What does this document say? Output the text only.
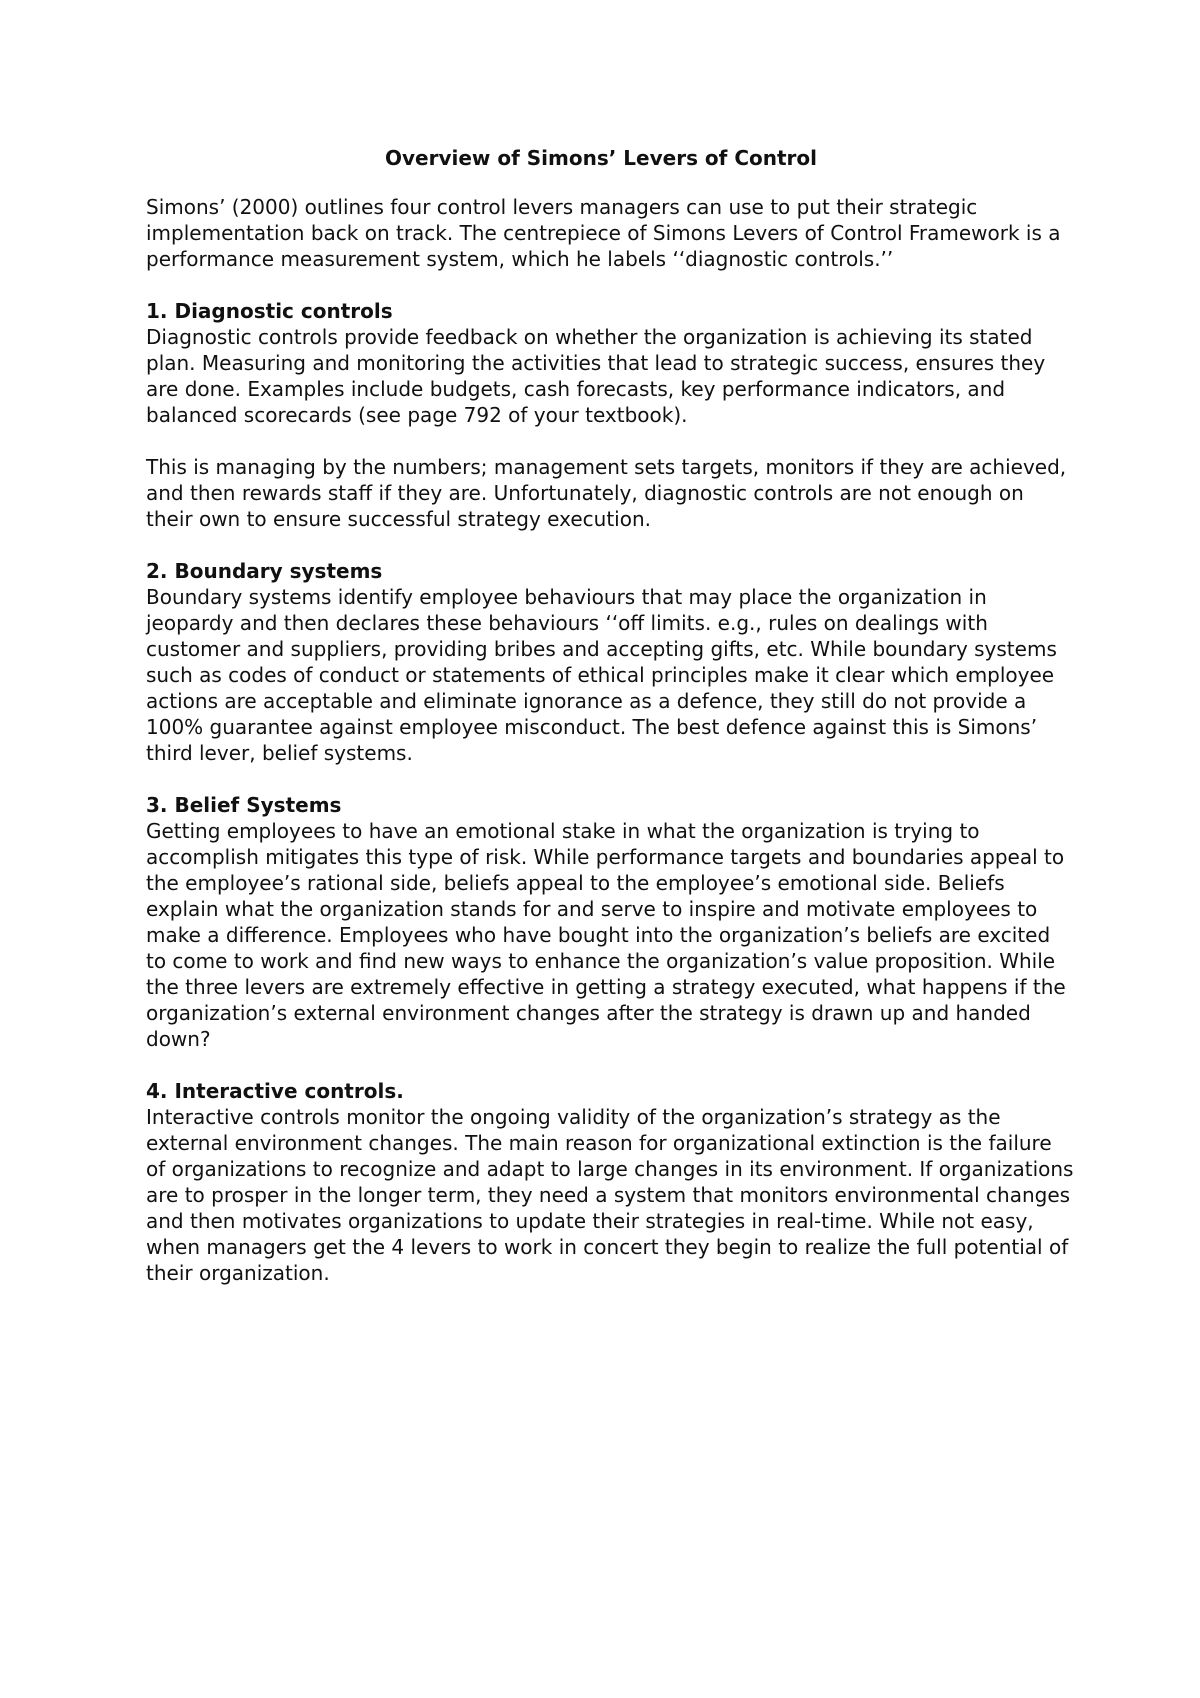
Overview of Simons’ Levers of Control

Simons’ (2000) outlines four control levers managers can use to put their strategic implementation back on track. The centrepiece of Simons Levers of Control Framework is a performance measurement system, which he labels ‘‘diagnostic controls.’’

1. Diagnostic controls

Diagnostic controls provide feedback on whether the organization is achieving its stated plan. Measuring and monitoring the activities that lead to strategic success, ensures they are done. Examples include budgets, cash forecasts, key performance indicators, and balanced scorecards (see page 792 of your textbook).

This is managing by the numbers; management sets targets, monitors if they are achieved, and then rewards staff if they are. Unfortunately, diagnostic controls are not enough on their own to ensure successful strategy execution.

2. Boundary systems

Boundary systems identify employee behaviours that may place the organization in jeopardy and then declares these behaviours ‘‘off limits. e.g., rules on dealings with customer and suppliers, providing bribes and accepting gifts, etc. While boundary systems such as codes of conduct or statements of ethical principles make it clear which employee actions are acceptable and eliminate ignorance as a defence, they still do not provide a 100% guarantee against employee misconduct. The best defence against this is Simons’ third lever, belief systems.

3. Belief Systems

Getting employees to have an emotional stake in what the organization is trying to accomplish mitigates this type of risk. While performance targets and boundaries appeal to the employee’s rational side, beliefs appeal to the employee’s emotional side. Beliefs explain what the organization stands for and serve to inspire and motivate employees to make a difference. Employees who have bought into the organization’s beliefs are excited to come to work and find new ways to enhance the organization’s value proposition. While the three levers are extremely effective in getting a strategy executed, what happens if the organization’s external environment changes after the strategy is drawn up and handed down?

4. Interactive controls.

Interactive controls monitor the ongoing validity of the organization’s strategy as the external environment changes. The main reason for organizational extinction is the failure of organizations to recognize and adapt to large changes in its environment. If organizations are to prosper in the longer term, they need a system that monitors environmental changes and then motivates organizations to update their strategies in real-time. While not easy, when managers get the 4 levers to work in concert they begin to realize the full potential of their organization.
